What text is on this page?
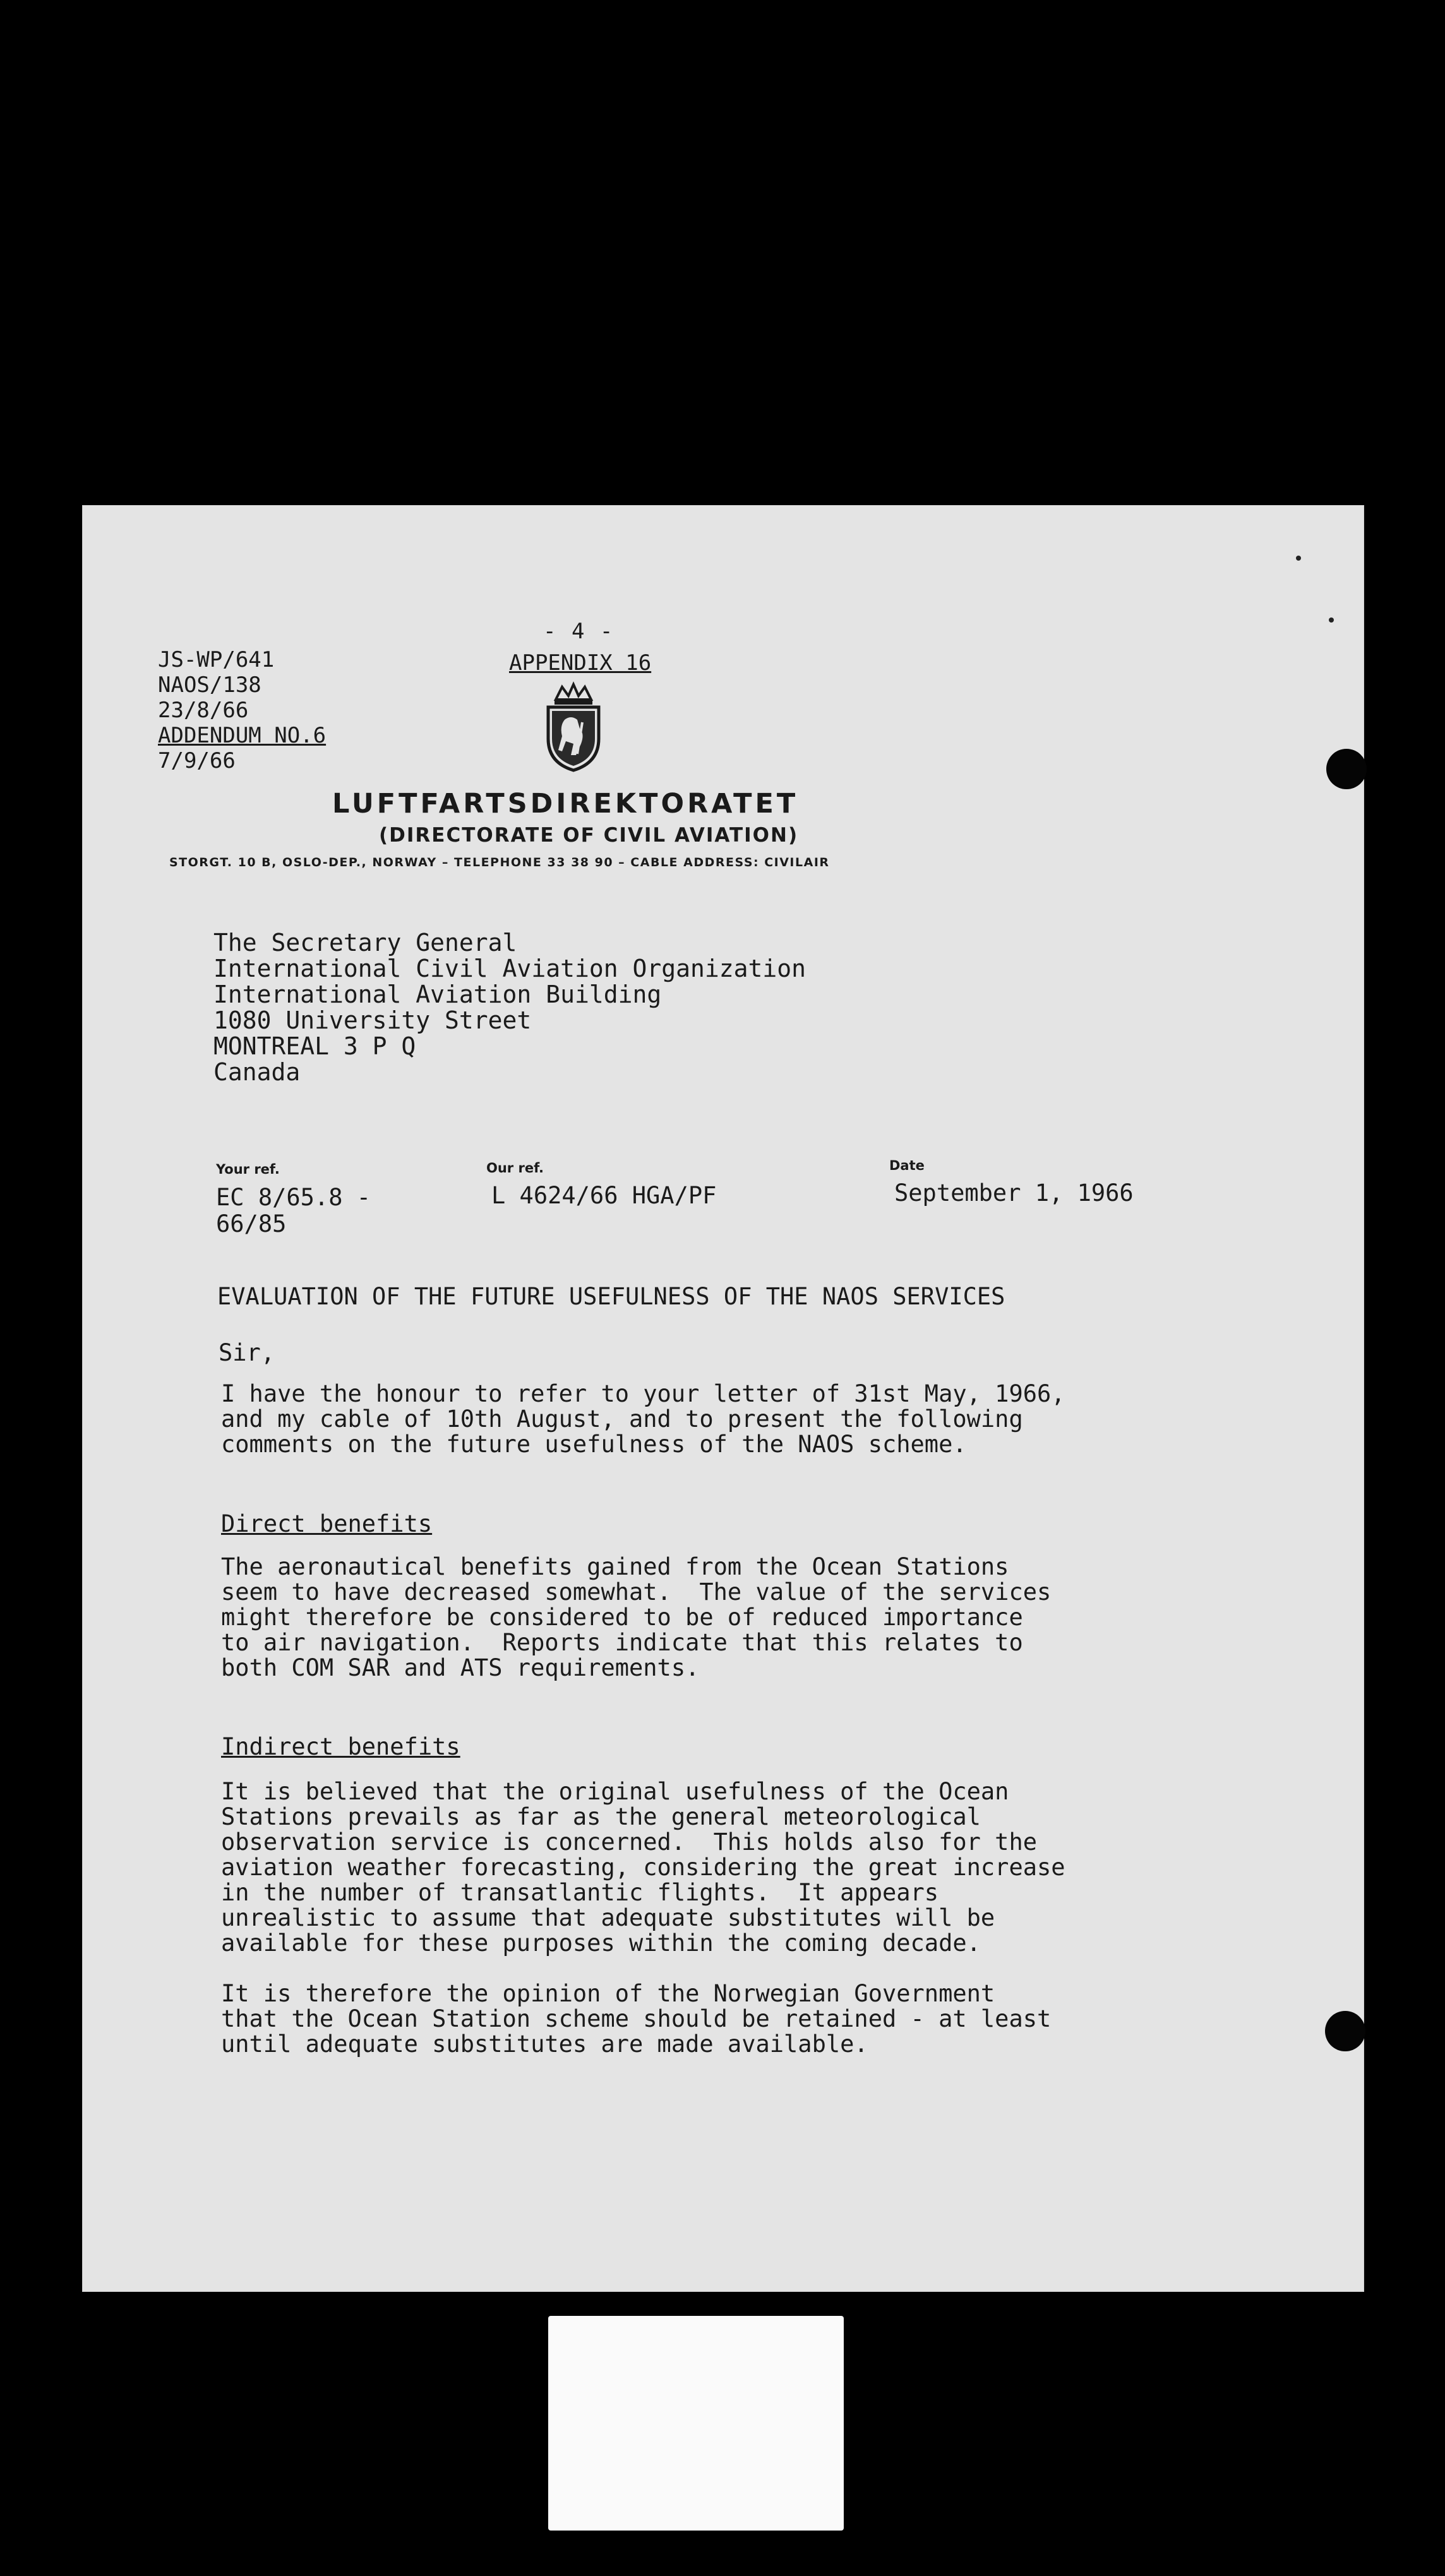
JS-WP/641
NAOS/138
23/8/66
ADDENDUM NO.6
7/9/66
- 4 -
APPENDIX 16
LUFTFARTSDIREKTORATET
(DIRECTORATE OF CIVIL AVIATION)
STORGT. 10 B, OSLO-DEP., NORWAY – TELEPHONE 33 38 90 – CABLE ADDRESS: CIVILAIR
The Secretary General
International Civil Aviation Organization
International Aviation Building
1080 University Street
MONTREAL 3 P Q
Canada
Your ref.
EC 8/65.8 - 66/85
Our ref.
L 4624/66 HGA/PF
Date
September 1, 1966
EVALUATION OF THE FUTURE USEFULNESS OF THE NAOS SERVICES
Sir,
I have the honour to refer to your letter of 31st May, 1966,
and my cable of 10th August, and to present the following
comments on the future usefulness of the NAOS scheme.
Direct benefits
The aeronautical benefits gained from the Ocean Stations
seem to have decreased somewhat.  The value of the services
might therefore be considered to be of reduced importance
to air navigation.  Reports indicate that this relates to
both COM SAR and ATS requirements.
Indirect benefits
It is believed that the original usefulness of the Ocean
Stations prevails as far as the general meteorological
observation service is concerned.  This holds also for the
aviation weather forecasting, considering the great increase
in the number of transatlantic flights.  It appears
unrealistic to assume that adequate substitutes will be
available for these purposes within the coming decade.
It is therefore the opinion of the Norwegian Government
that the Ocean Station scheme should be retained - at least
until adequate substitutes are made available.
